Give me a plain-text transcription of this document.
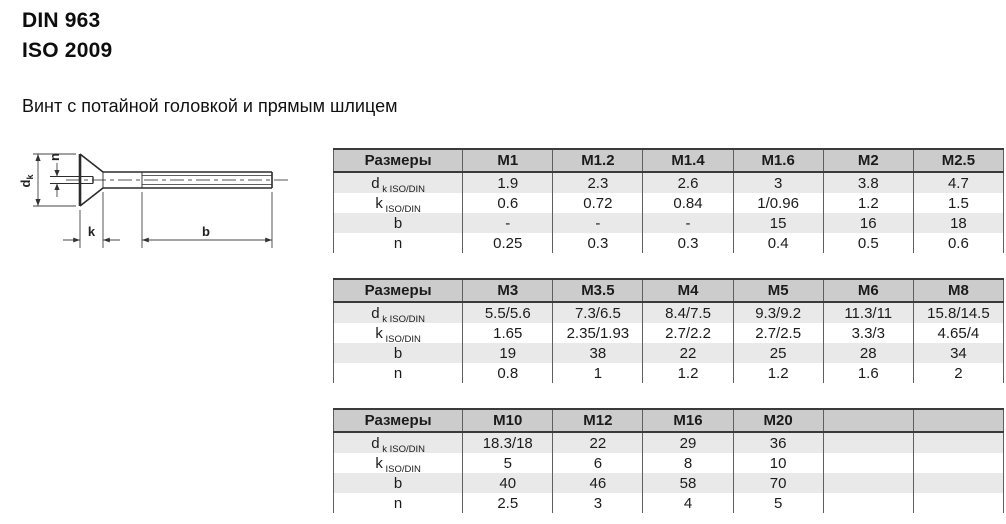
DIN 963
ISO 2009
Винт с потайной головкой и прямым шлицем
$d_k$
n
k	b
Размеры	M1	M1.2	M1.4	M1.6	M2	M2.5
d $_{k ISO/DIN}$	1.9	2.3	2.6	3	3.8	4.7
k $_{ISO/DIN}$	0.6	0.72	0.84	1/0.96	1.2	1.5
b	-	-	-	15	16	18
n	0.25	0.3	0.3	0.4	0.5	0.6
Размеры	M3	M3.5	M4	M5	M6	M8
d $_{k ISO/DIN}$	5.5/5.6	7.3/6.5	8.4/7.5	9.3/9.2	11.3/11	15.8/14.5
k $_{ISO/DIN}$	1.65	2.35/1.93	2.7/2.2	2.7/2.5	3.3/3	4.65/4
b	19	38	22	25	28	34
n	0.8	1	1.2	1.2	1.6	2
Размеры	M10	M12	M16	M20		
d $_{k ISO/DIN}$	18.3/18	22	29	36		
k $_{ISO/DIN}$	5	6	8	10		
b	40	46	58	70		
n	2.5	3	4	5		
